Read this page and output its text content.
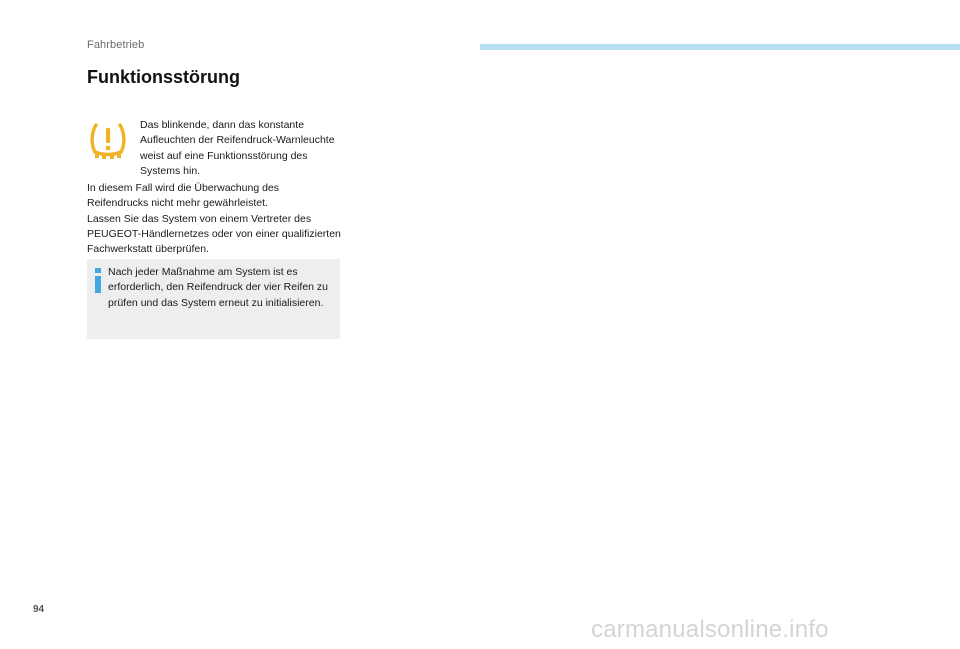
Fahrbetrieb
Funktionsstörung

Das blinkende, dann das konstante Aufleuchten der Reifendruck-Warnleuchte weist auf eine Funktionsstörung des Systems hin.

In diesem Fall wird die Überwachung des Reifendrucks nicht mehr gewährleistet.
Lassen Sie das System von einem Vertreter des PEUGEOT-Händlernetzes oder von einer qualifizierten Fachwerkstatt überprüfen.

Nach jeder Maßnahme am System ist es erforderlich, den Reifendruck der vier Reifen zu prüfen und das System erneut zu initialisieren.

94
carmanualsonline.info
